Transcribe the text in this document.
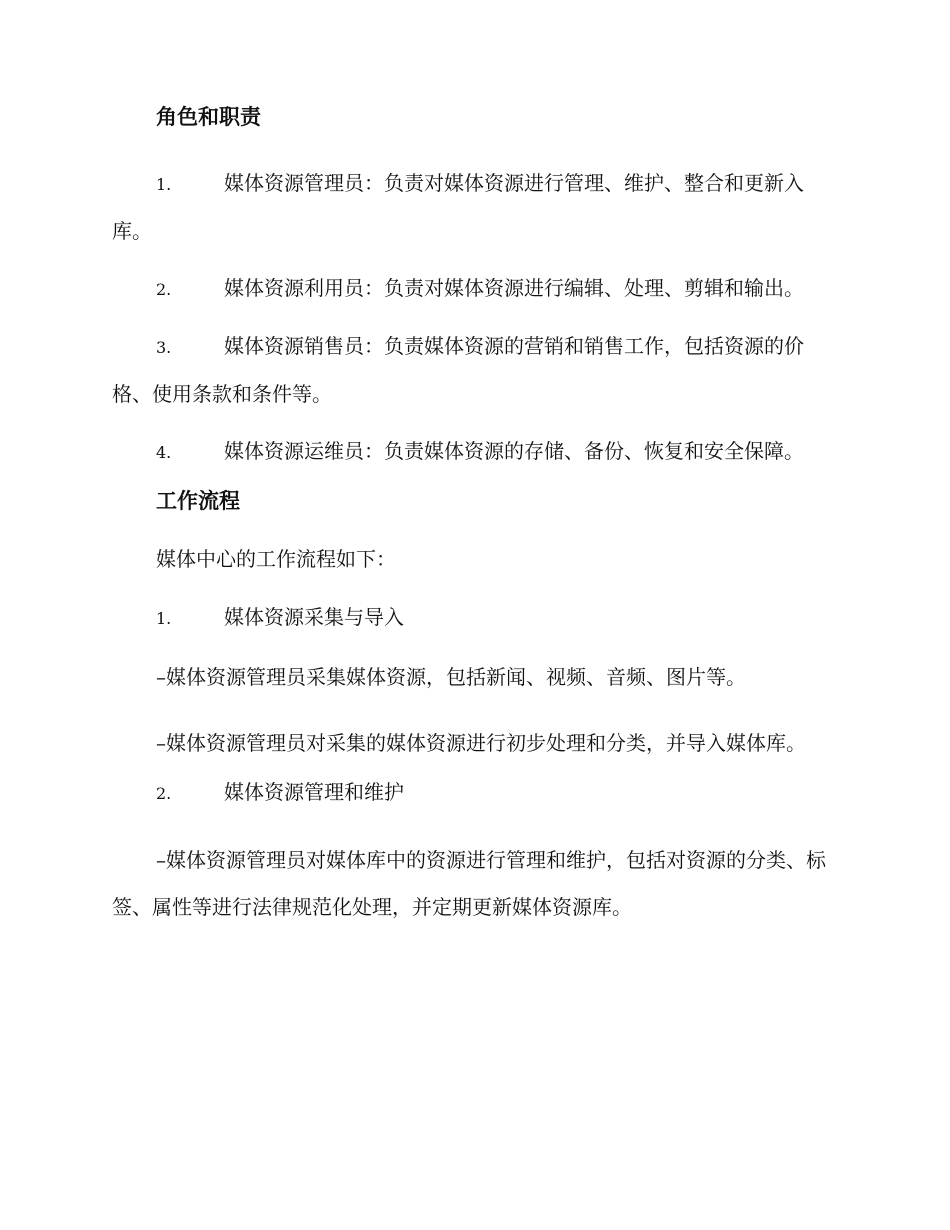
角色和职责

1.	媒体资源管理员：负责对媒体资源进行管理、维护、整合和更新入库。

2.	媒体资源利用员：负责对媒体资源进行编辑、处理、剪辑和输出。

3.	媒体资源销售员：负责媒体资源的营销和销售工作，包括资源的价格、使用条款和条件等。

4.	媒体资源运维员：负责媒体资源的存储、备份、恢复和安全保障。

工作流程

媒体中心的工作流程如下：

1.	媒体资源采集与导入

–媒体资源管理员采集媒体资源，包括新闻、视频、音频、图片等。

–媒体资源管理员对采集的媒体资源进行初步处理和分类，并导入媒体库。

2.	媒体资源管理和维护

–媒体资源管理员对媒体库中的资源进行管理和维护，包括对资源的分类、标签、属性等进行法律规范化处理，并定期更新媒体资源库。
